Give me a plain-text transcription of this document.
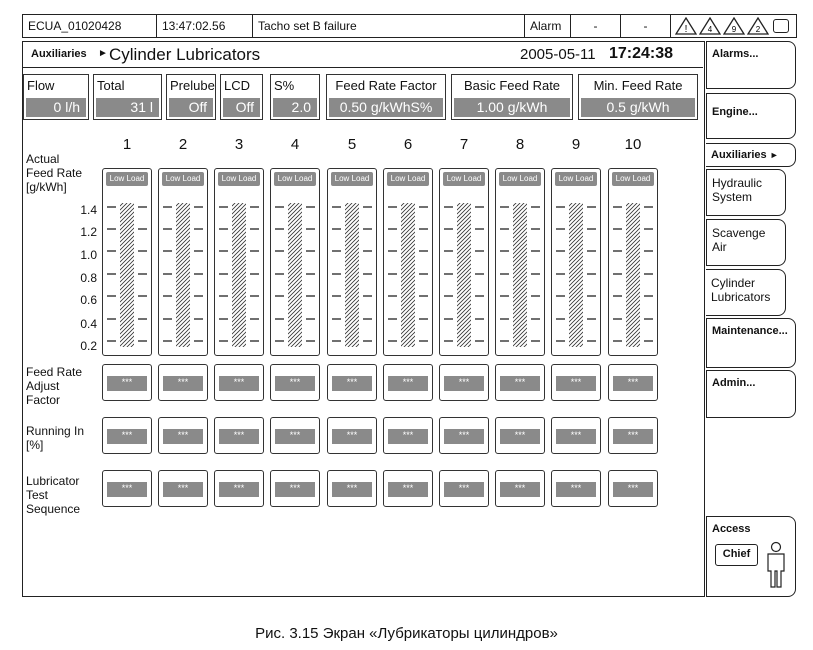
ECUA_01020428	13:47:02.56	Tacho set B failure	Alarm	-	-	!	4 9 2
Auxiliaries ► Cylinder Lubricators	2005-05-11 17:24:38
Flow
0 l/h
Total
31 l
Prelube
Off
LCD
Off
S%
2.0
Feed Rate Factor
0.50 g/kWhS%
Basic Feed Rate
1.00 g/kWh
Min. Feed Rate
0.5 g/kWh
1	2	3	4	5	6	7	8	9	10
Actual
Feed Rate
[g/kWh]
1.4
1.2
1.0
0.8
0.6
0.4
0.2
Low Load	Low Load	Low Load	Low Load	Low Load	Low Load	Low Load	Low Load	Low Load	Low Load
Feed Rate
Adjust
Factor
***	***	***	***	***	***	***	***	***	***
Running In
[%]
***	***	***	***	***	***	***	***	***	***
Lubricator
Test
Sequence
***	***	***	***	***	***	***	***	***	***
Alarms...
Engine...
Auxiliaries ►
Hydraulic
System
Scavenge
Air
Cylinder
Lubricators
Maintenance...
Admin...
Access
Chief
Рис. 3.15 Экран «Лубрикаторы цилиндров»
